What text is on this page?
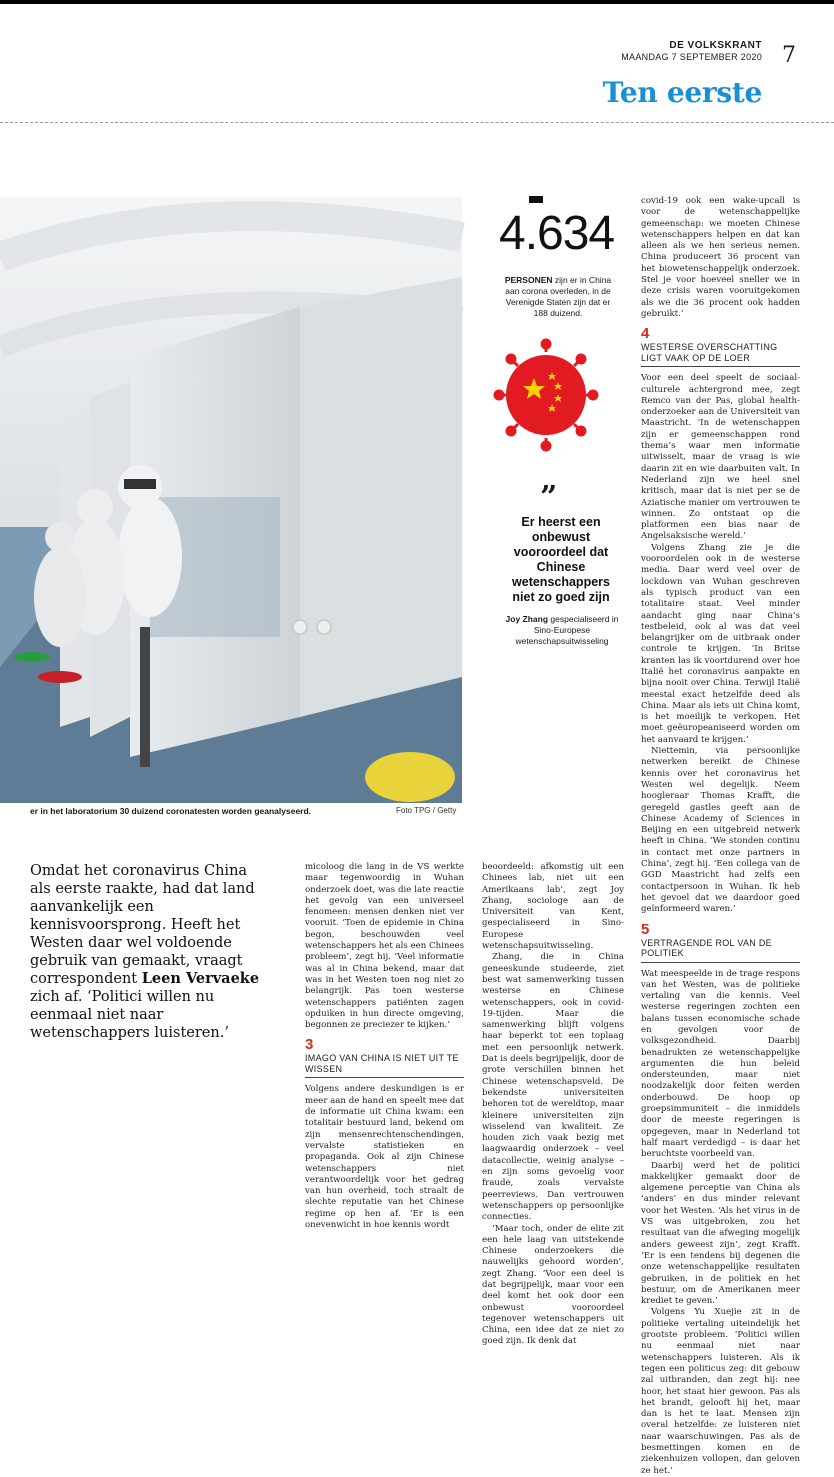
DE VOLKSKRANT
MAANDAG 7 SEPTEMBER 2020 7
Ten eerste
er in het laboratorium 30 duizend coronatesten worden geanalyseerd.	Foto TPG / Getty
4.634
PERSONEN zijn er in China aan corona overleden, in de Verenigde Staten zijn dat er 188 duizend.
”
Er heerst een onbewust vooroordeel dat Chinese wetenschappers niet zo goed zijn
Joy Zhang gespecialiseerd in Sino-Europese wetenschapsuitwisseling

covid-19 ook een wake-upcall is voor de wetenschappelijke gemeenschap: we moeten Chinese wetenschappers helpen en dat kan alleen als we hen serieus nemen. China produceert 36 procent van het biowetenschappelijk onderzoek. Stel je voor hoeveel sneller we in deze crisis waren vooruitgekomen als we die 36 procent ook hadden gebruikt.’

4
WESTERSE OVERSCHATTING LIGT VAAK OP DE LOER

Voor een deel speelt de sociaal-culturele achtergrond mee, zegt Remco van der Pas, global health-onderzoeker aan de Universiteit van Maastricht. ‘In de wetenschappen zijn er gemeenschappen rond thema’s waar men informatie uitwisselt, maar de vraag is wie daarin zit en wie daarbuiten valt. In Nederland zijn we heel snel kritisch, maar dat is niet per se de Aziatische manier om vertrouwen te winnen. Zo ontstaat op die platformen een bias naar de Angelsaksische wereld.’

Volgens Zhang zie je die vooroordelen ook in de westerse media. Daar werd veel over de lockdown van Wuhan geschreven als typisch product van een totalitaire staat. Veel minder aandacht ging naar China’s testbeleid, ook al was dat veel belangrijker om de uitbraak onder controle te krijgen. ‘In Britse kranten las ik voortdurend over hoe Italië het coronavirus aanpakte en bijna nooit over China. Terwijl Italië meestal exact hetzelfde deed als China. Maar als iets uit China komt, is het moeilijk te verkopen. Het moet geëuropeaniseerd worden om het aanvaard te krijgen.’

Niettemin, via persoonlijke netwerken bereikt de Chinese kennis over het coronavirus het Westen wel degelijk. Neem hoogleraar Thomas Krafft, die geregeld gastles geeft aan de Chinese Academy of Sciences in Beijing en een uitgebreid netwerk heeft in China. ‘We stonden continu in contact met onze partners in China’, zegt hij. ‘Een collega van de GGD Maastricht had zelfs een contactpersoon in Wuhan. Ik heb het gevoel dat we daardoor goed geïnformeerd waren.’

5
VERTRAGENDE ROL VAN DE POLITIEK

Wat meespeelde in de trage respons van het Westen, was de politieke vertaling van die kennis. Veel westerse regeringen zochten een balans tussen economische schade en gevolgen voor de volksgezondheid. Daarbij benadrukten ze wetenschappelijke argumenten die hun beleid ondersteunden, maar niet noodzakelijk door feiten werden onderbouwd. De hoop op groepsimmuniteit – die inmiddels door de meeste regeringen is opgegeven, maar in Nederland tot half maart verdedigd – is daar het beruchtste voorbeeld van.

Daarbij werd het de politici makkelijker gemaakt door de algemene perceptie van China als ‘anders’ en dus minder relevant voor het Westen. ‘Als het virus in de VS was uitgebroken, zou het resultaat van die afweging mogelijk anders geweest zijn’, zegt Krafft. ‘Er is een tendens bij degenen die onze wetenschappelijke resultaten gebruiken, in de politiek en het bestuur, om de Amerikanen meer krediet te geven.’

Volgens Yu Xuejie zit in de politieke vertaling uiteindelijk het grootste probleem. ‘Politici willen nu eenmaal niet naar wetenschappers luisteren. Als ik tegen een politicus zeg: dit gebouw zal uitbranden, dan zegt hij: nee hoor, het staat hier gewoon. Pas als het brandt, gelooft hij het, maar dan is het te laat. Mensen zijn overal hetzelfde: ze luisteren niet naar waarschuwingen. Pas als de besmettingen komen en de ziekenhuizen vollopen, dan geloven ze het.’

Omdat het coronavirus China als eerste raakte, had dat land aanvankelijk een kennisvoorsprong. Heeft het Westen daar wel voldoende gebruik van gemaakt, vraagt correspondent Leen Vervaeke zich af. ‘Politici willen nu eenmaal niet naar wetenschappers luisteren.’

micoloog die lang in de VS werkte maar tegenwoordig in Wuhan onderzoek doet, was die late reactie het gevolg van een universeel fenomeen: mensen denken niet ver vooruit. ‘Toen de epidemie in China begon, beschouwden veel wetenschappers het als een Chinees probleem’, zegt hij. ‘Veel informatie was al in China bekend, maar dat was in het Westen toen nog niet zo belangrijk. Pas toen westerse wetenschappers patiënten zagen opduiken in hun directe omgeving, begonnen ze preciezer te kijken.’

3
IMAGO VAN CHINA IS NIET UIT TE WISSEN

Volgens andere deskundigen is er meer aan de hand en speelt mee dat de informatie uit China kwam: een totalitair bestuurd land, bekend om zijn mensenrechtenschendingen, vervalste statistieken en propaganda. Ook al zijn Chinese wetenschappers niet verantwoordelijk voor het gedrag van hun overheid, toch straalt de slechte reputatie van het Chinese regime op hen af. ‘Er is een onevenwicht in hoe kennis wordt

beoordeeld: afkomstig uit een Chinees lab, niet uit een Amerikaans lab’, zegt Joy Zhang, sociologe aan de Universiteit van Kent, gespecialiseerd in Sino-Europese wetenschapsuitwisseling.

Zhang, die in China geneeskunde studeerde, ziet best wat samenwerking tussen westerse en Chinese wetenschappers, ook in covid-19-tijden. Maar die samenwerking blijft volgens haar beperkt tot een toplaag met een persoonlijk netwerk. Dat is deels begrijpelijk, door de grote verschillen binnen het Chinese wetenschapsveld. De bekendste universiteiten behoren tot de wereldtop, maar kleinere universiteiten zijn wisselend van kwaliteit. Ze houden zich vaak bezig met laagwaardig onderzoek – veel datacollectie, weinig analyse – en zijn soms gevoelig voor fraude, zoals vervalste peerreviews. Dan vertrouwen wetenschappers op persoonlijke connecties.

‘Maar toch, onder de elite zit een hele laag van uitstekende Chinese onderzoekers die nauwelijks gehoord worden’, zegt Zhang. ‘Voor een deel is dat begrijpelijk, maar voor een deel komt het ook door een onbewust vooroordeel tegenover wetenschappers uit China, een idee dat ze niet zo goed zijn. Ik denk dat
